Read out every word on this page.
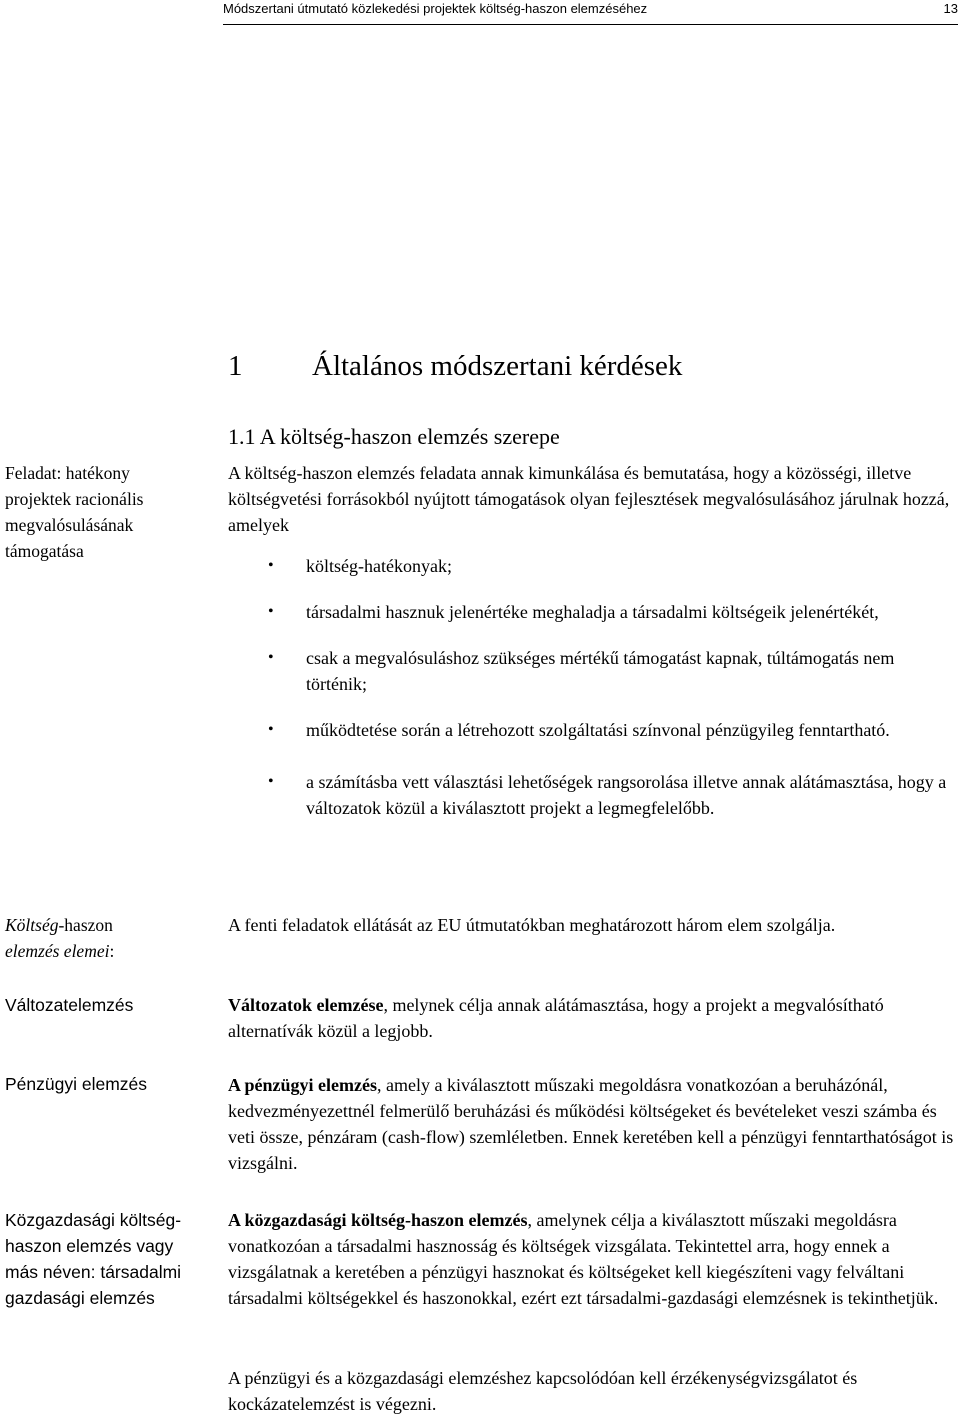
Módszertani útmutató közlekedési projektek költség-haszon elemzéséhez	13
1 Általános módszertani kérdések
1.1 A költség-haszon elemzés szerepe
A költség-haszon elemzés feladata annak kimunkálása és bemutatása, hogy a közösségi, illetve költségvetési forrásokból nyújtott támogatások olyan fejlesztések megvalósulásához járulnak hozzá, amelyek
• költség-hatékonyak;
• társadalmi hasznuk jelenértéke meghaladja a társadalmi költségeik jelenértékét,
• csak a megvalósuláshoz szükséges mértékű támogatást kapnak, túltámogatás nem történik;
• működtetése során a létrehozott szolgáltatási színvonal pénzügyileg fenntartható.
• a számításba vett választási lehetőségek rangsorolása illetve annak alátámasztása, hogy a változatok közül a kiválasztott projekt a legmegfelelőbb.
Feladat: hatékony projektek racionális megvalósulásának támogatása
Költség-haszon
elemzés elemei:
Változatelemzés
Pénzügyi elemzés
Közgazdasági költség-haszon elemzés vagy más néven: társadalmi gazdasági elemzés
A fenti feladatok ellátását az EU útmutatókban meghatározott három elem szolgálja.
Változatok elemzése, melynek célja annak alátámasztása, hogy a projekt a megvalósítható alternatívák közül a legjobb.
A pénzügyi elemzés, amely a kiválasztott műszaki megoldásra vonatkozóan a beruházónál, kedvezményezettnél felmerülő beruházási és működési költségeket és bevételeket veszi számba és veti össze, pénzáram (cash-flow) szemléletben. Ennek keretében kell a pénzügyi fenntarthatóságot is vizsgálni.
A közgazdasági költség-haszon elemzés, amelynek célja a kiválasztott műszaki megoldásra vonatkozóan a társadalmi hasznosság és költségek vizsgálata. Tekintettel arra, hogy ennek a vizsgálatnak a keretében a pénzügyi hasznokat és költségeket kell kiegészíteni vagy felváltani társadalmi költségekkel és haszonokkal, ezért ezt társadalmi-gazdasági elemzésnek is tekinthetjük.
A pénzügyi és a közgazdasági elemzéshez kapcsolódóan kell érzékenységvizsgálatot és kockázatelemzést is végezni.
